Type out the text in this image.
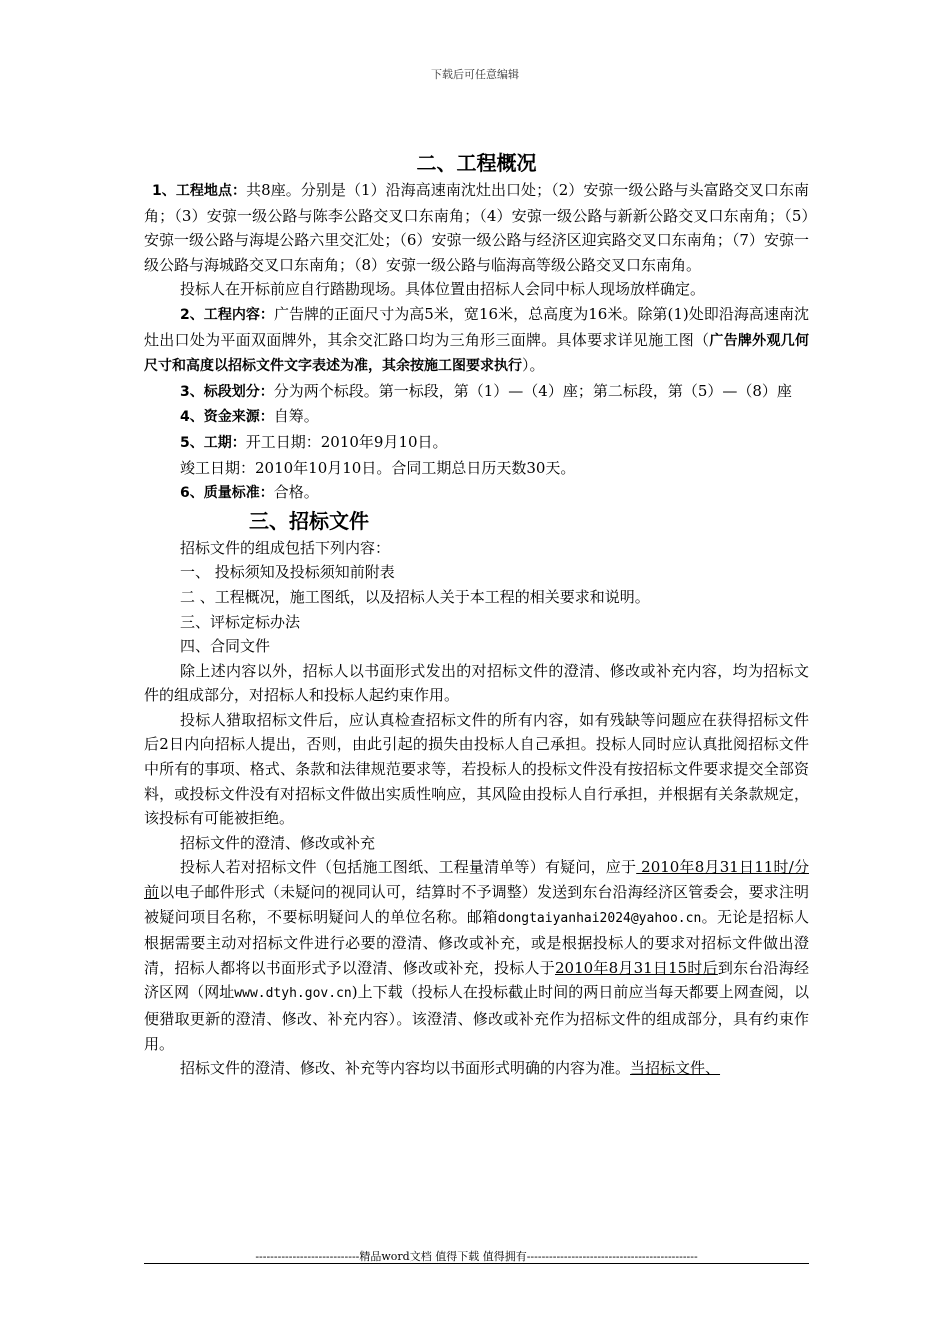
下载后可任意编辑

二、工程概况

1、工程地点：共8座。分别是（1）沿海高速南沈灶出口处；（2）安弶一级公路与头富路交叉口东南角；（3）安弶一级公路与陈李公路交叉口东南角；（4）安弶一级公路与新新公路交叉口东南角；（5）安弶一级公路与海堤公路六里交汇处；（6）安弶一级公路与经济区迎宾路交叉口东南角；（7）安弶一级公路与海城路交叉口东南角；（8）安弶一级公路与临海高等级公路交叉口东南角。

投标人在开标前应自行踏勘现场。具体位置由招标人会同中标人现场放样确定。

2、工程内容：广告牌的正面尺寸为高5米，宽16米，总高度为16米。除第(1)处即沿海高速南沈灶出口处为平面双面牌外，其余交汇路口均为三角形三面牌。具体要求详见施工图（广告牌外观几何尺寸和高度以招标文件文字表述为准，其余按施工图要求执行）。

3、标段划分：分为两个标段。第一标段，第（1）—（4）座；第二标段，第（5）—（8）座

4、资金来源：自筹。

5、工期：开工日期：2010年9月10日。

竣工日期：2010年10月10日。合同工期总日历天数30天。

6、质量标准：合格。

三、招标文件

招标文件的组成包括下列内容：

一、 投标须知及投标须知前附表

二 、工程概况，施工图纸，以及招标人关于本工程的相关要求和说明。

三、评标定标办法

四、合同文件

除上述内容以外，招标人以书面形式发出的对招标文件的澄清、修改或补充内容，均为招标文件的组成部分，对招标人和投标人起约束作用。

投标人猎取招标文件后，应认真检查招标文件的所有内容，如有残缺等问题应在获得招标文件后2日内向招标人提出，否则，由此引起的损失由投标人自己承担。投标人同时应认真批阅招标文件中所有的事项、格式、条款和法律规范要求等，若投标人的投标文件没有按招标文件要求提交全部资料，或投标文件没有对招标文件做出实质性响应，其风险由投标人自行承担，并根据有关条款规定，该投标有可能被拒绝。

招标文件的澄清、修改或补充

投标人若对招标文件（包括施工图纸、工程量清单等）有疑问，应于 2010年8月31日11时/分前以电子邮件形式（未疑问的视同认可，结算时不予调整）发送到东台沿海经济区管委会，要求注明被疑问项目名称，不要标明疑问人的单位名称。邮箱dongtaiyanhai2024@yahoo.cn。无论是招标人根据需要主动对招标文件进行必要的澄清、修改或补充，或是根据投标人的要求对招标文件做出澄清，招标人都将以书面形式予以澄清、修改或补充，投标人于2010年8月31日15时后到东台沿海经济区网（网址www.dtyh.gov.cn)上下载（投标人在投标截止时间的两日前应当每天都要上网查阅，以便猎取更新的澄清、修改、补充内容）。该澄清、修改或补充作为招标文件的组成部分，具有约束作用。

招标文件的澄清、修改、补充等内容均以书面形式明确的内容为准。当招标文件、

----------------------------精品word文档 值得下载 值得拥有----------------------------------------------
